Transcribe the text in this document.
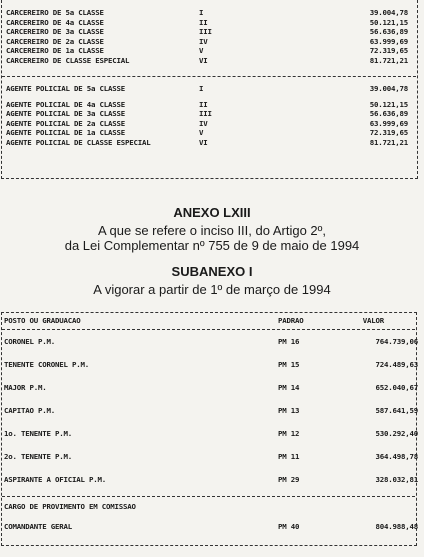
CARCEREIRO DE 5a CLASSE	I	39.004,78
CARCEREIRO DE 4a CLASSE	II	50.121,15
CARCEREIRO DE 3a CLASSE	III	56.636,89
CARCEREIRO DE 2a CLASSE	IV	63.999,69
CARCEREIRO DE 1a CLASSE	V	72.319,65
CARCEREIRO DE CLASSE ESPECIAL	VI	81.721,21
AGENTE POLICIAL DE 5a CLASSE	I	39.004,78
AGENTE POLICIAL DE 4a CLASSE	II	50.121,15
AGENTE POLICIAL DE 3a CLASSE	III	56.636,89
AGENTE POLICIAL DE 2a CLASSE	IV	63.999,69
AGENTE POLICIAL DE 1a CLASSE	V	72.319,65
AGENTE POLICIAL DE CLASSE ESPECIAL	VI	81.721,21
ANEXO LXIII
A que se refere o inciso III, do Artigo 2º,
da Lei Complementar nº 755 de 9 de maio de 1994
SUBANEXO I
A vigorar a partir de 1º de março de 1994
POSTO OU GRADUACAO	PADRAO	VALOR
CORONEL P.M.	PM 16	764.739,06
TENENTE CORONEL P.M.	PM 15	724.489,63
MAJOR P.M.	PM 14	652.040,67
CAPITAO P.M.	PM 13	587.641,59
1o. TENENTE P.M.	PM 12	530.292,40
2o. TENENTE P.M.	PM 11	364.498,78
ASPIRANTE A OFICIAL P.M.	PM 29	328.032,81
CARGO DE PROVIMENTO EM COMISSAO
COMANDANTE GERAL	PM 40	804.988,48
